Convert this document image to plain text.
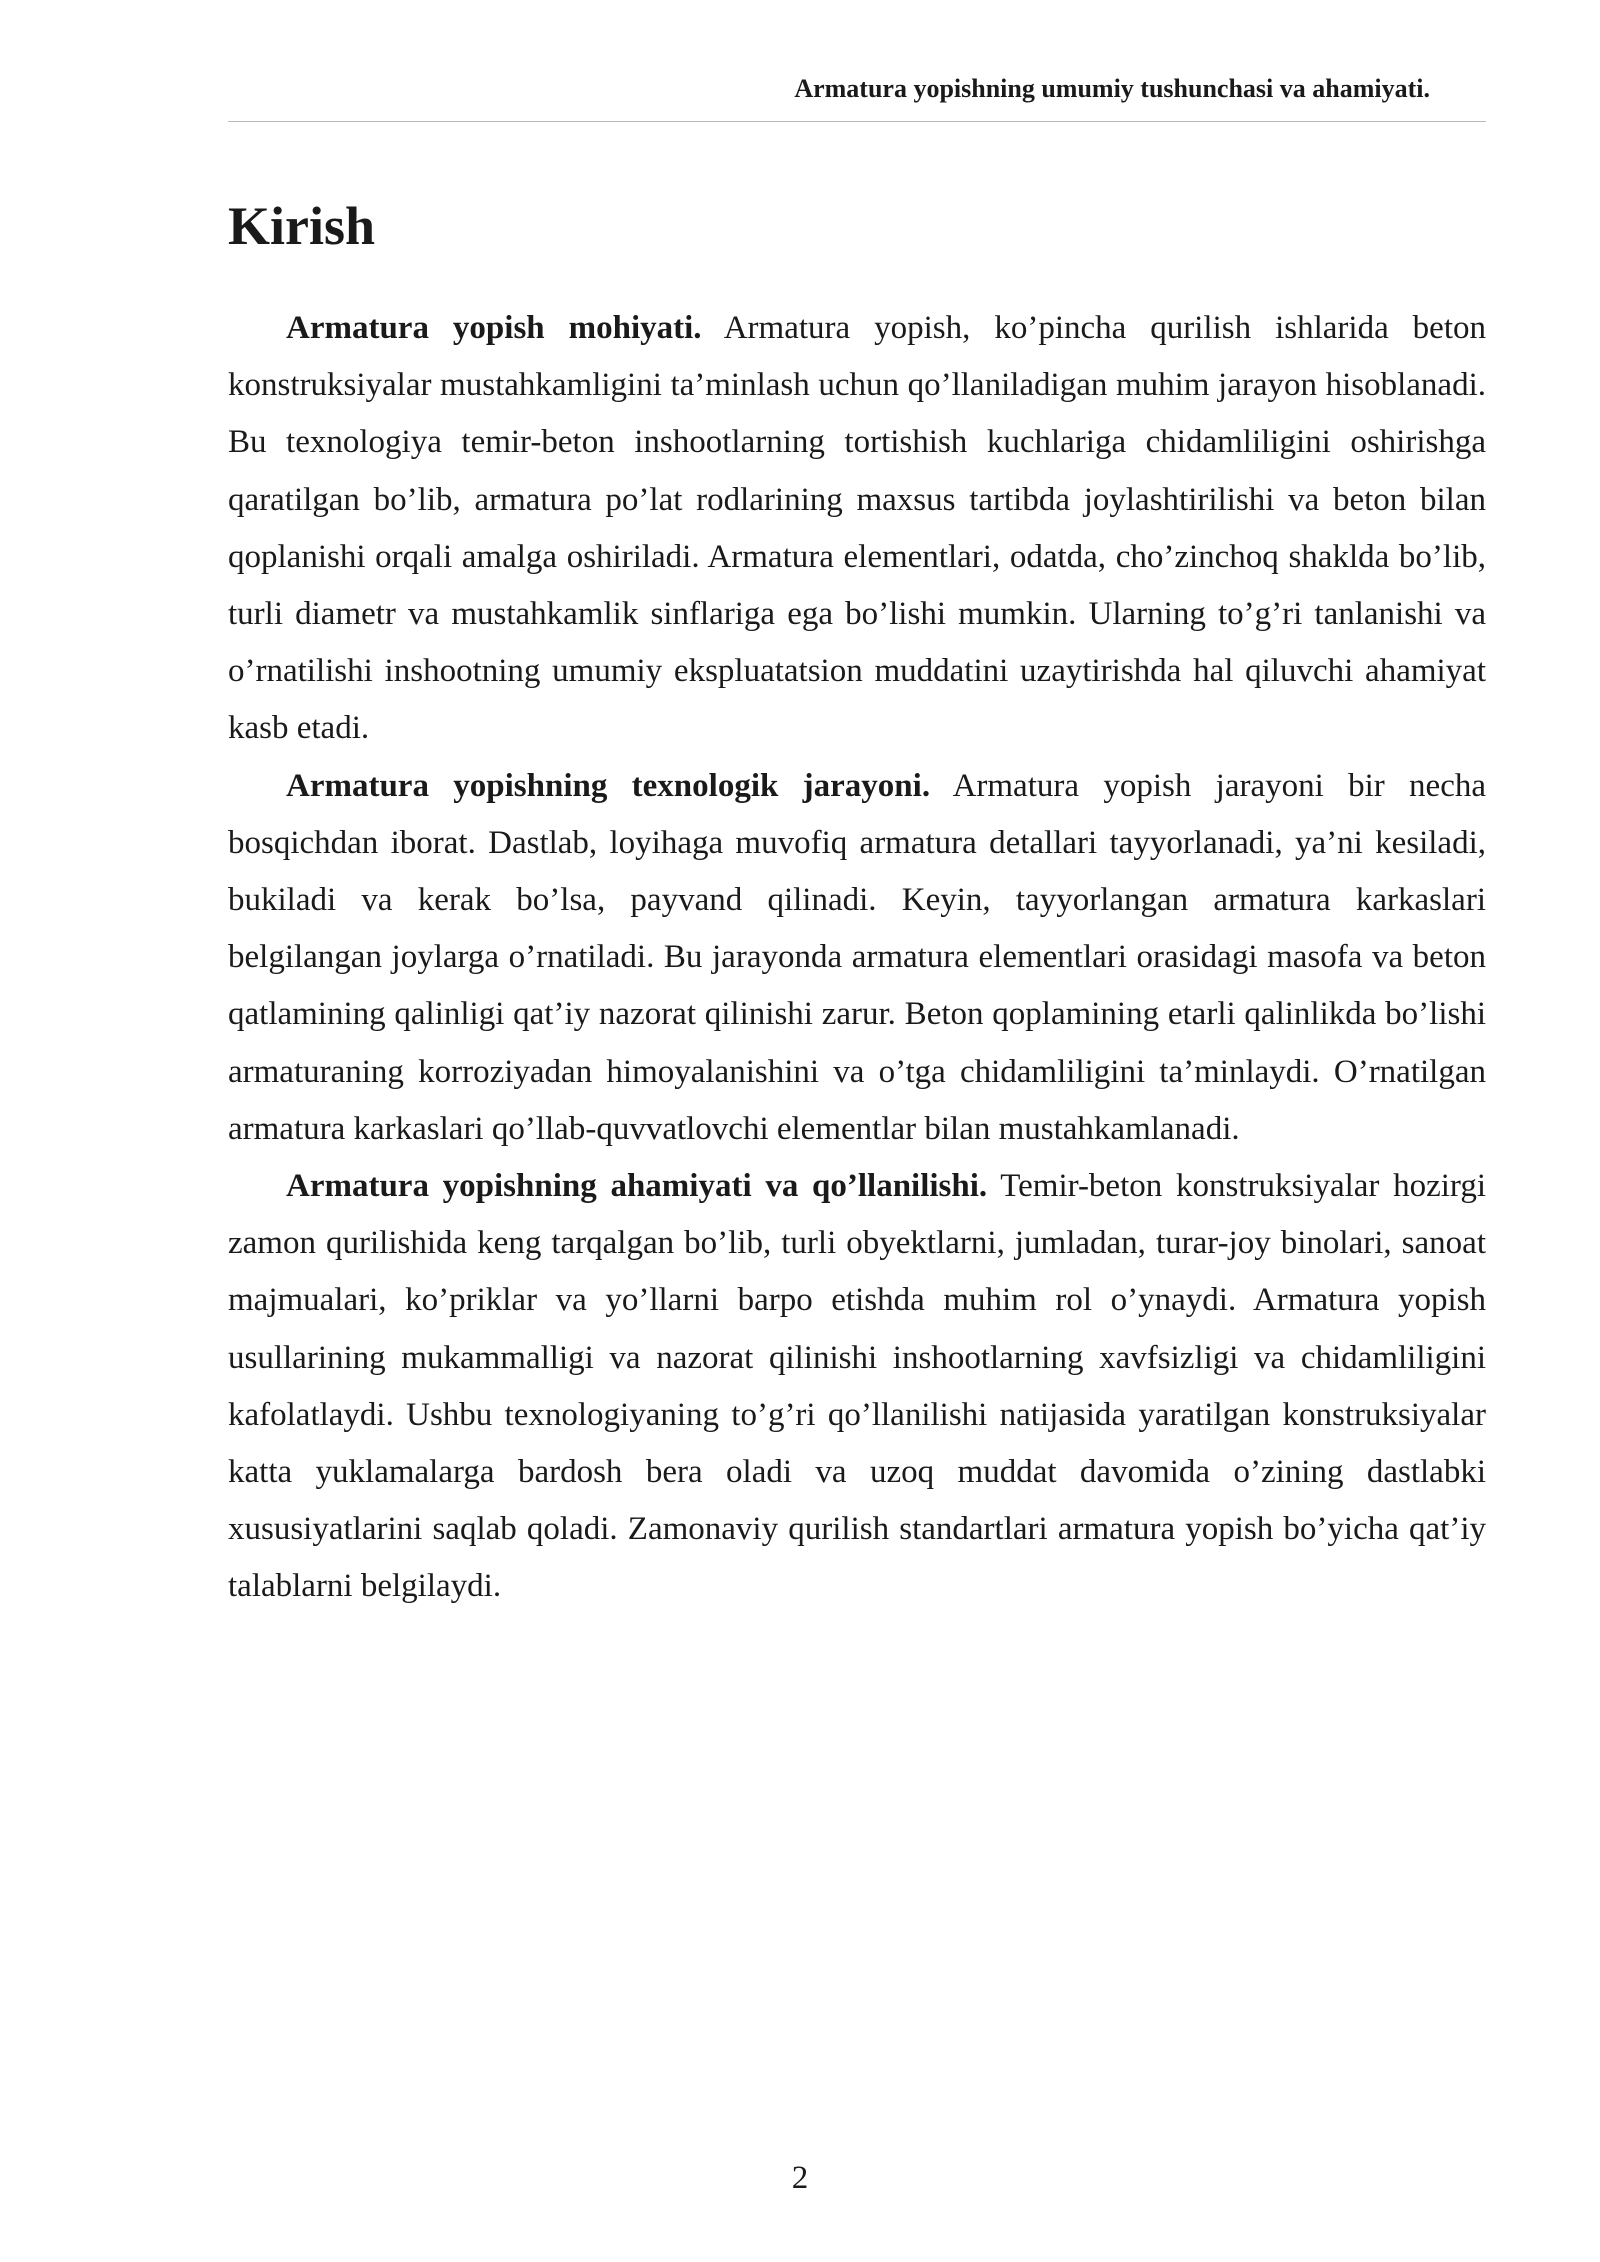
Armatura yopishning umumiy tushunchasi va ahamiyati.
Kirish

Armatura yopish mohiyati. Armatura yopish, ko’pincha qurilish ishlarida beton konstruksiyalar mustahkamligini ta’minlash uchun qo’llaniladigan muhim jarayon hisoblanadi. Bu texnologiya temir-beton inshootlarning tortishish kuchlariga chidamliligini oshirishga qaratilgan bo’lib, armatura po’lat rodlarining maxsus tartibda joylashtirilishi va beton bilan qoplanishi orqali amalga oshiriladi. Armatura elementlari, odatda, cho’zinchoq shaklda bo’lib, turli diametr va mustahkamlik sinflariga ega bo’lishi mumkin. Ularning to’g’ri tanlanishi va o’rnatilishi inshootning umumiy ekspluatatsion muddatini uzaytirishda hal qiluvchi ahamiyat kasb etadi.

Armatura yopishning texnologik jarayoni. Armatura yopish jarayoni bir necha bosqichdan iborat. Dastlab, loyihaga muvofiq armatura detallari tayyorlanadi, ya’ni kesiladi, bukiladi va kerak bo’lsa, payvand qilinadi. Keyin, tayyorlangan armatura karkaslari belgilangan joylarga o’rnatiladi. Bu jarayonda armatura elementlari orasidagi masofa va beton qatlamining qalinligi qat’iy nazorat qilinishi zarur. Beton qoplamining etarli qalinlikda bo’lishi armaturaning korroziyadan himoyalanishini va o’tga chidamliligini ta’minlaydi. O’rnatilgan armatura karkaslari qo’llab-quvvatlovchi elementlar bilan mustahkamlanadi.

Armatura yopishning ahamiyati va qo’llanilishi. Temir-beton konstruksiyalar hozirgi zamon qurilishida keng tarqalgan bo’lib, turli obyektlarni, jumladan, turar-joy binolari, sanoat majmualari, ko’priklar va yo’llarni barpo etishda muhim rol o’ynaydi. Armatura yopish usullarining mukammalligi va nazorat qilinishi inshootlarning xavfsizligi va chidamliligini kafolatlaydi. Ushbu texnologiyaning to’g’ri qo’llanilishi natijasida yaratilgan konstruksiyalar katta yuklamalarga bardosh bera oladi va uzoq muddat davomida o’zining dastlabki xususiyatlarini saqlab qoladi. Zamonaviy qurilish standartlari armatura yopish bo’yicha qat’iy talablarni belgilaydi.

2
